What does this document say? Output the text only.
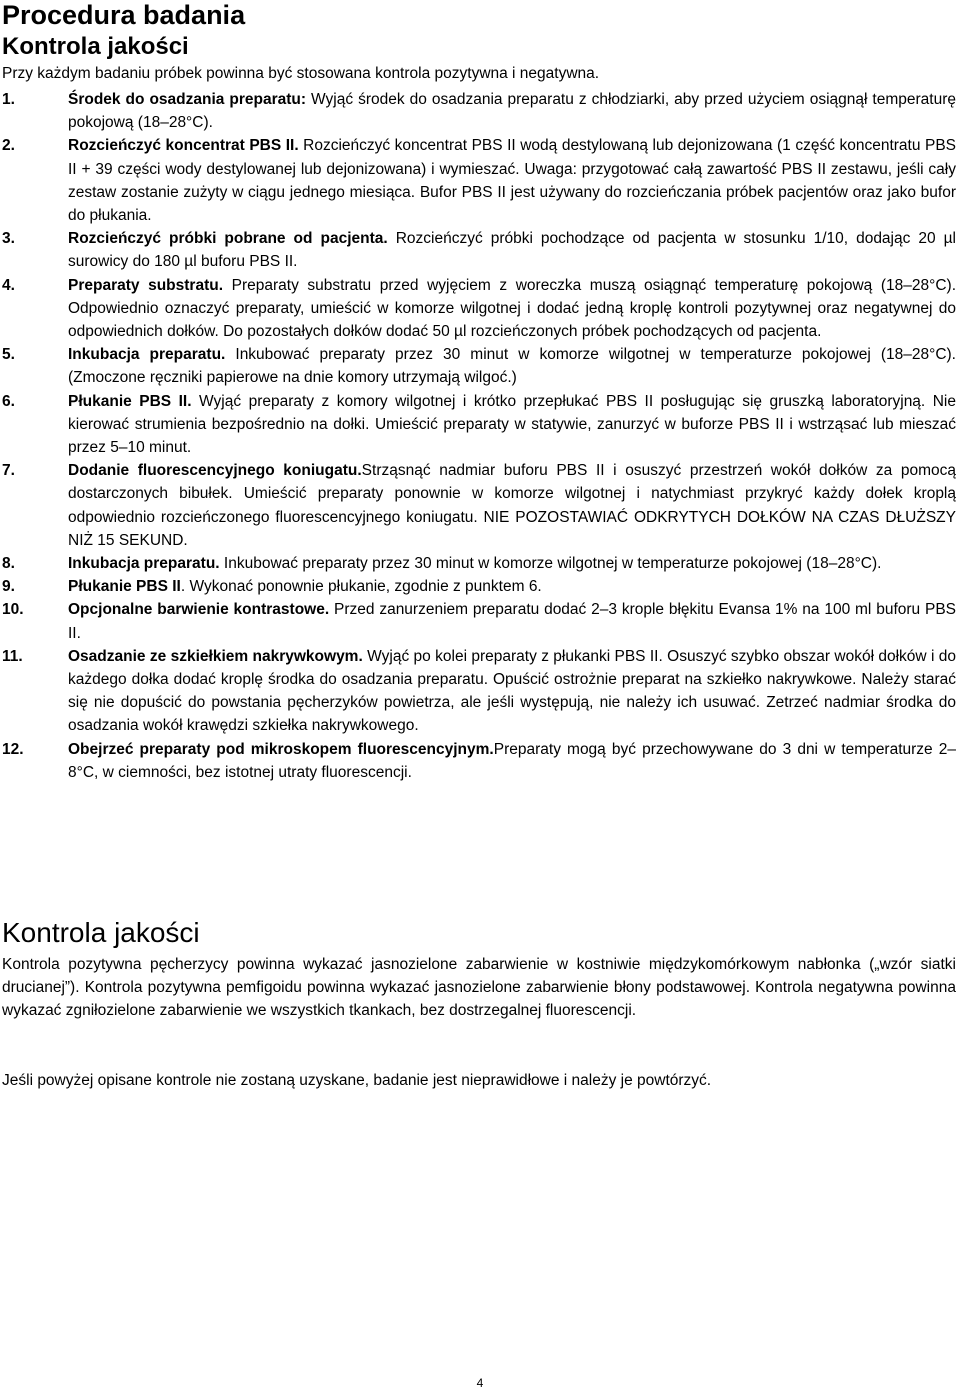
Procedura badania
Kontrola jakości
Przy każdym badaniu próbek powinna być stosowana kontrola pozytywna i negatywna.
1.	Środek do osadzania preparatu: Wyjąć środek do osadzania preparatu z chłodziarki, aby przed użyciem osiągnął temperaturę pokojową (18–28°C).
2.	Rozcieńczyć koncentrat PBS II. Rozcieńczyć koncentrat PBS II wodą destylowaną lub dejonizowana (1 część koncentratu PBS II + 39 części wody destylowanej lub dejonizowana) i wymieszać. Uwaga: przygotować całą zawartość PBS II zestawu, jeśli cały zestaw zostanie zużyty w ciągu jednego miesiąca. Bufor PBS II jest używany do rozcieńczania próbek pacjentów oraz jako bufor do płukania.
3.	Rozcieńczyć próbki pobrane od pacjenta. Rozcieńczyć próbki pochodzące od pacjenta w stosunku 1/10, dodając 20 µl surowicy do 180 µl buforu PBS II.
4.	Preparaty substratu. Preparaty substratu przed wyjęciem z woreczka muszą osiągnąć temperaturę pokojową (18–28°C). Odpowiednio oznaczyć preparaty, umieścić w komorze wilgotnej i dodać jedną kroplę kontroli pozytywnej oraz negatywnej do odpowiednich dołków. Do pozostałych dołków dodać 50 µl rozcieńczonych próbek pochodzących od pacjenta.
5.	Inkubacja preparatu. Inkubować preparaty przez 30 minut w komorze wilgotnej w temperaturze pokojowej (18–28°C). (Zmoczone ręczniki papierowe na dnie komory utrzymają wilgoć.)
6.	Płukanie PBS II. Wyjąć preparaty z komory wilgotnej i krótko przepłukać PBS II posługując się gruszką laboratoryjną. Nie kierować strumienia bezpośrednio na dołki. Umieścić preparaty w statywie, zanurzyć w buforze PBS II i wstrząsać lub mieszać przez 5–10 minut.
7.	Dodanie fluorescencyjnego koniugatu.Strząsnąć nadmiar buforu PBS II i osuszyć przestrzeń wokół dołków za pomocą dostarczonych bibułek. Umieścić preparaty ponownie w komorze wilgotnej i natychmiast przykryć każdy dołek kroplą odpowiednio rozcieńczonego fluorescencyjnego koniugatu. NIE POZOSTAWIAĆ ODKRYTYCH DOŁKÓW NA CZAS DŁUŻSZY NIŻ 15 SEKUND.
8.	Inkubacja preparatu. Inkubować preparaty przez 30 minut w komorze wilgotnej w temperaturze pokojowej (18–28°C).
9.	Płukanie PBS II. Wykonać ponownie płukanie, zgodnie z punktem 6.
10.	Opcjonalne barwienie kontrastowe. Przed zanurzeniem preparatu dodać 2–3 krople błękitu Evansa 1% na 100 ml buforu PBS II.
11.	Osadzanie ze szkiełkiem nakrywkowym. Wyjąć po kolei preparaty z płukanki PBS II. Osuszyć szybko obszar wokół dołków i do każdego dołka dodać kroplę środka do osadzania preparatu. Opuścić ostrożnie preparat na szkiełko nakrywkowe. Należy starać się nie dopuścić do powstania pęcherzyków powietrza, ale jeśli występują, nie należy ich usuwać. Zetrzeć nadmiar środka do osadzania wokół krawędzi szkiełka nakrywkowego.
12.	Obejrzeć preparaty pod mikroskopem fluorescencyjnym.Preparaty mogą być przechowywane do 3 dni w temperaturze 2–8°C, w ciemności, bez istotnej utraty fluorescencji.
Kontrola jakości
Kontrola pozytywna pęcherzycy powinna wykazać jasnozielone zabarwienie w kostniwie międzykomórkowym nabłonka („wzór siatki drucianej”). Kontrola pozytywna pemfigoidu powinna wykazać jasnozielone zabarwienie błony podstawowej. Kontrola negatywna powinna wykazać zgniłozielone zabarwienie we wszystkich tkankach, bez dostrzegalnej fluorescencji.
Jeśli powyżej opisane kontrole nie zostaną uzyskane, badanie jest nieprawidłowe i należy je powtórzyć.
4
